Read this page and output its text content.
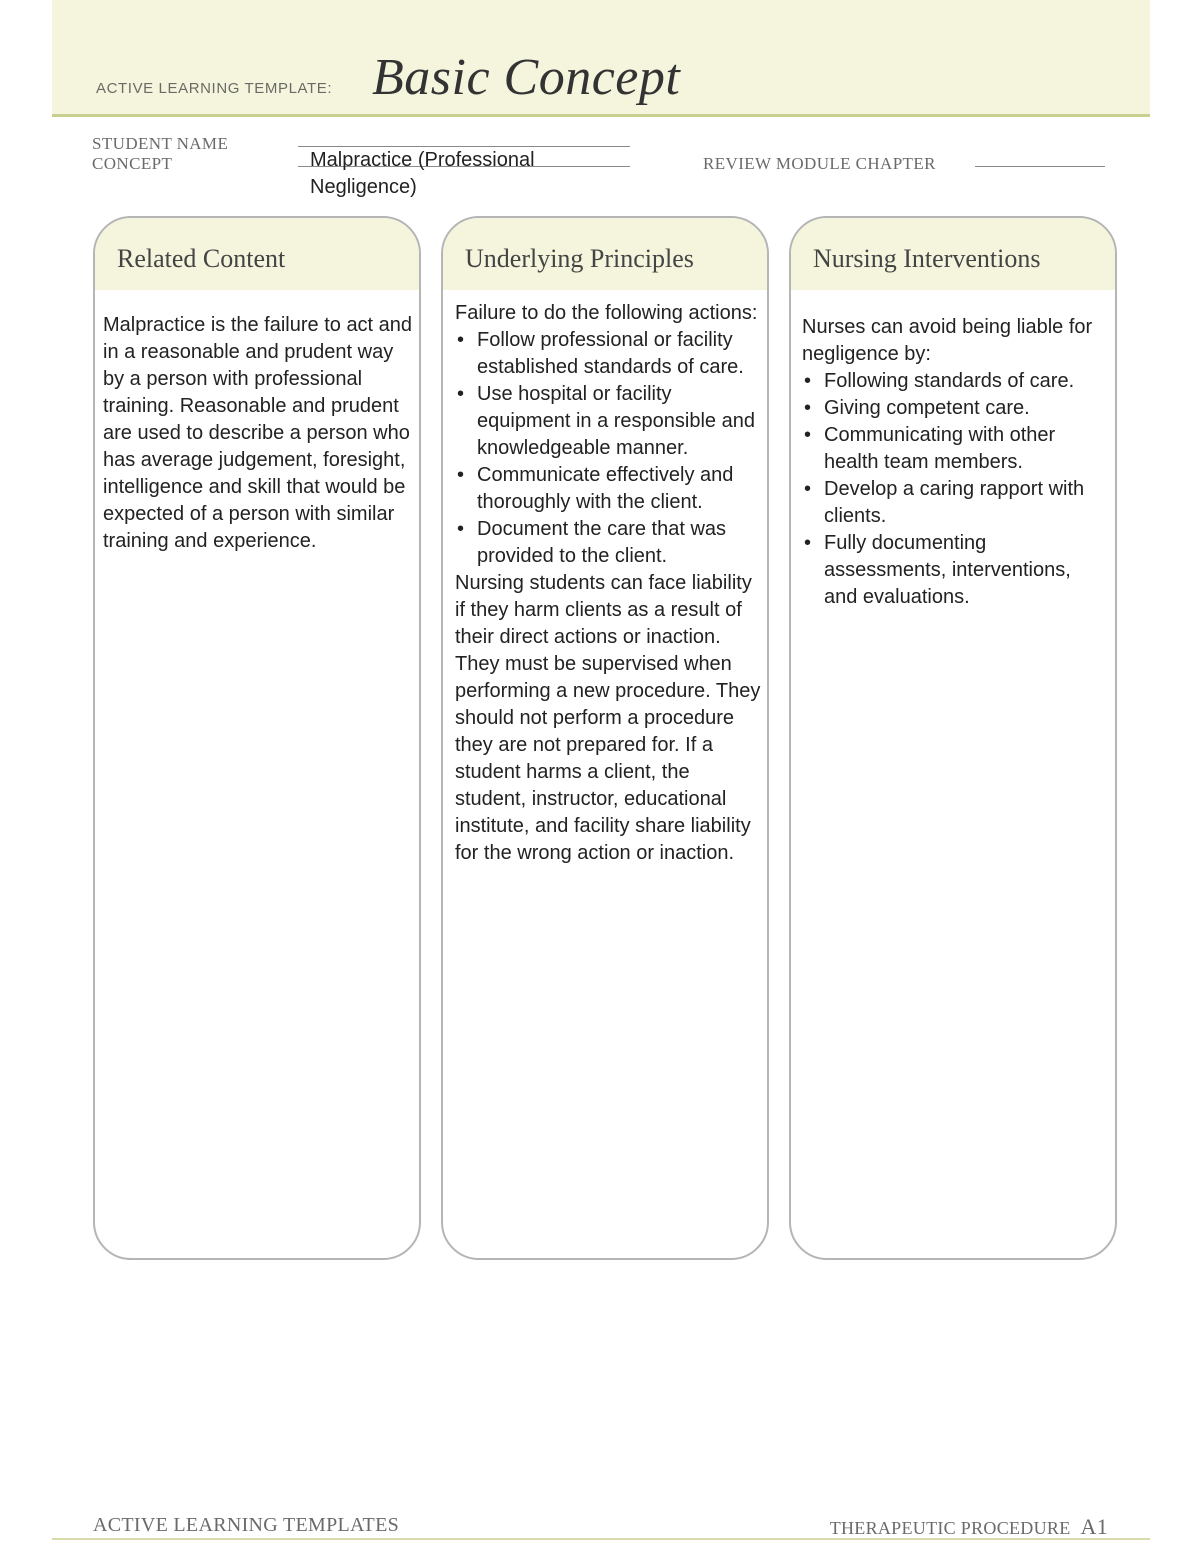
ACTIVE LEARNING TEMPLATE: Basic Concept
STUDENT NAME
CONCEPT	Malpractice (Professional Negligence)
REVIEW MODULE CHAPTER
Related Content

Malpractice is the failure to act and in a reasonable and prudent way by a person with professional training. Reasonable and prudent are used to describe a person who has average judgement, foresight, intelligence and skill that would be expected of a person with similar training and experience.

Underlying Principles

Failure to do the following actions:

• Follow professional or facility established standards of care.
• Use hospital or facility equipment in a responsible and knowledgeable manner.
• Communicate effectively and thoroughly with the client.
• Document the care that was provided to the client.

Nursing students can face liability if they harm clients as a result of their direct actions or inaction. They must be supervised when performing a new procedure. They should not perform a procedure they are not prepared for. If a student harms a client, the student, instructor, educational institute, and facility share liability for the wrong action or inaction.

Nursing Interventions

Nurses can avoid being liable for negligence by:

• Following standards of care.
• Giving competent care.
• Communicating with other health team members.
• Develop a caring rapport with clients.
• Fully documenting assessments, interventions, and evaluations.
ACTIVE LEARNING TEMPLATES	THERAPEUTIC PROCEDURE A1
